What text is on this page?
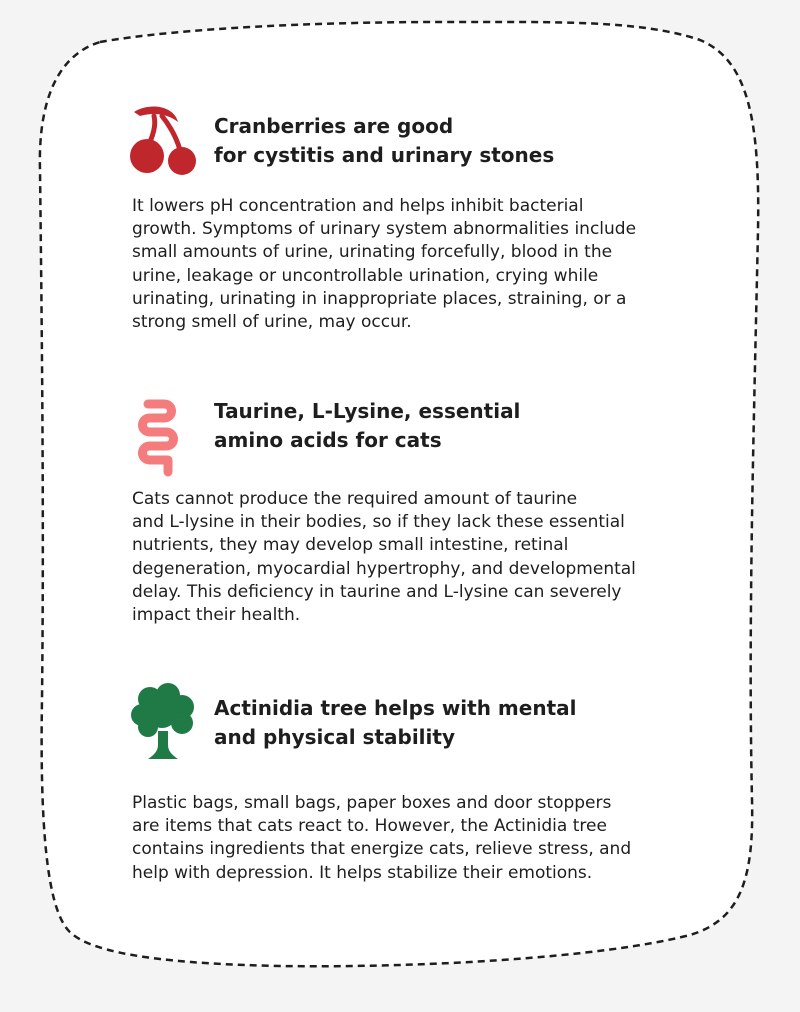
Cranberries are good
for cystitis and urinary stones
It lowers pH concentration and helps inhibit bacterial
growth. Symptoms of urinary system abnormalities include
small amounts of urine, urinating forcefully, blood in the
urine, leakage or uncontrollable urination, crying while
urinating, urinating in inappropriate places, straining, or a
strong smell of urine, may occur.
Taurine, L-Lysine, essential
amino acids for cats
Cats cannot produce the required amount of taurine
and L-lysine in their bodies, so if they lack these essential
nutrients, they may develop small intestine, retinal
degeneration, myocardial hypertrophy, and developmental
delay. This deficiency in taurine and L-lysine can severely
impact their health.
Actinidia tree helps with mental
and physical stability
Plastic bags, small bags, paper boxes and door stoppers
are items that cats react to. However, the Actinidia tree
contains ingredients that energize cats, relieve stress, and
help with depression. It helps stabilize their emotions.
